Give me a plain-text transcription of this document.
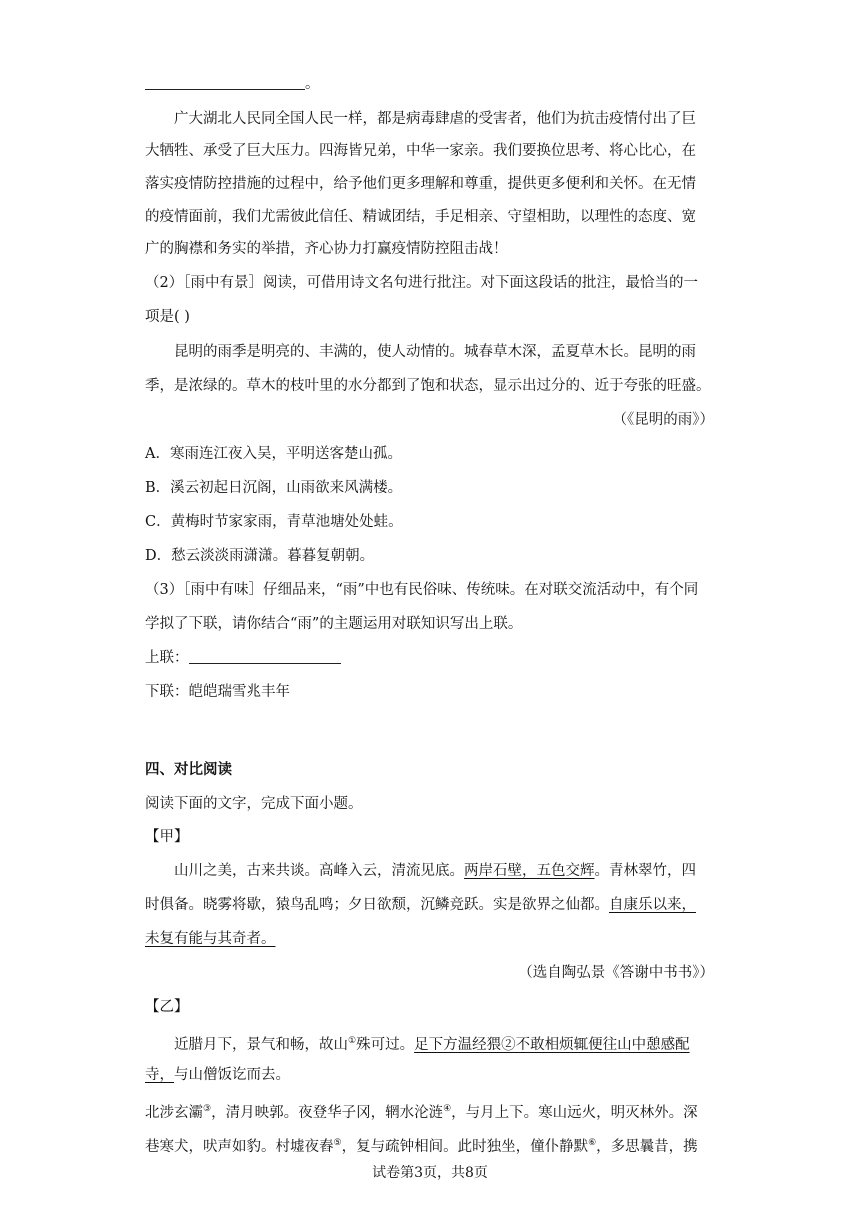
。
广大湖北人民同全国人民一样，都是病毒肆虐的受害者，他们为抗击疫情付出了巨
大牺牲、承受了巨大压力。四海皆兄弟，中华一家亲。我们要换位思考、将心比心，在
落实疫情防控措施的过程中，给予他们更多理解和尊重，提供更多便利和关怀。在无情
的疫情面前，我们尤需彼此信任、精诚团结，手足相亲、守望相助，以理性的态度、宽
广的胸襟和务实的举措，齐心协力打赢疫情防控阻击战！
（2）［雨中有景］阅读，可借用诗文名句进行批注。对下面这段话的批注，最恰当的一
项是( )
昆明的雨季是明亮的、丰满的，使人动情的。城春草木深，孟夏草木长。昆明的雨
季，是浓绿的。草木的枝叶里的水分都到了饱和状态，显示出过分的、近于夸张的旺盛。
（《昆明的雨》）
A．寒雨连江夜入吴，平明送客楚山孤。
B．溪云初起日沉阁，山雨欲来风满楼。
C．黄梅时节家家雨，青草池塘处处蛙。
D．愁云淡淡雨潇潇。暮暮复朝朝。
（3）［雨中有味］仔细品来，“雨”中也有民俗味、传统味。在对联交流活动中，有个同
学拟了下联，请你结合“雨”的主题运用对联知识写出上联。
上联：
下联：皑皑瑞雪兆丰年
四、对比阅读
阅读下面的文字，完成下面小题。
【甲】
山川之美，古来共谈。高峰入云，清流见底。两岸石壁，五色交辉。青林翠竹，四
时俱备。晓雾将歇，猿鸟乱鸣；夕日欲颓，沉鳞竞跃。实是欲界之仙都。自康乐以来，
未复有能与其奇者。
（选自陶弘景《答谢中书书》）
【乙】
近腊月下，景气和畅，故山①殊可过。足下方温经猥②不敢相烦辄便往山中憩感配
寺，与山僧饭讫而去。
北涉玄灞③，清月映郭。夜登华子冈，辋水沦涟④，与月上下。寒山远火，明灭林外。深
巷寒犬，吠声如豹。村墟夜舂⑤，复与疏钟相间。此时独坐，僮仆静默⑥，多思曩昔，携
试卷第3页，共8页
